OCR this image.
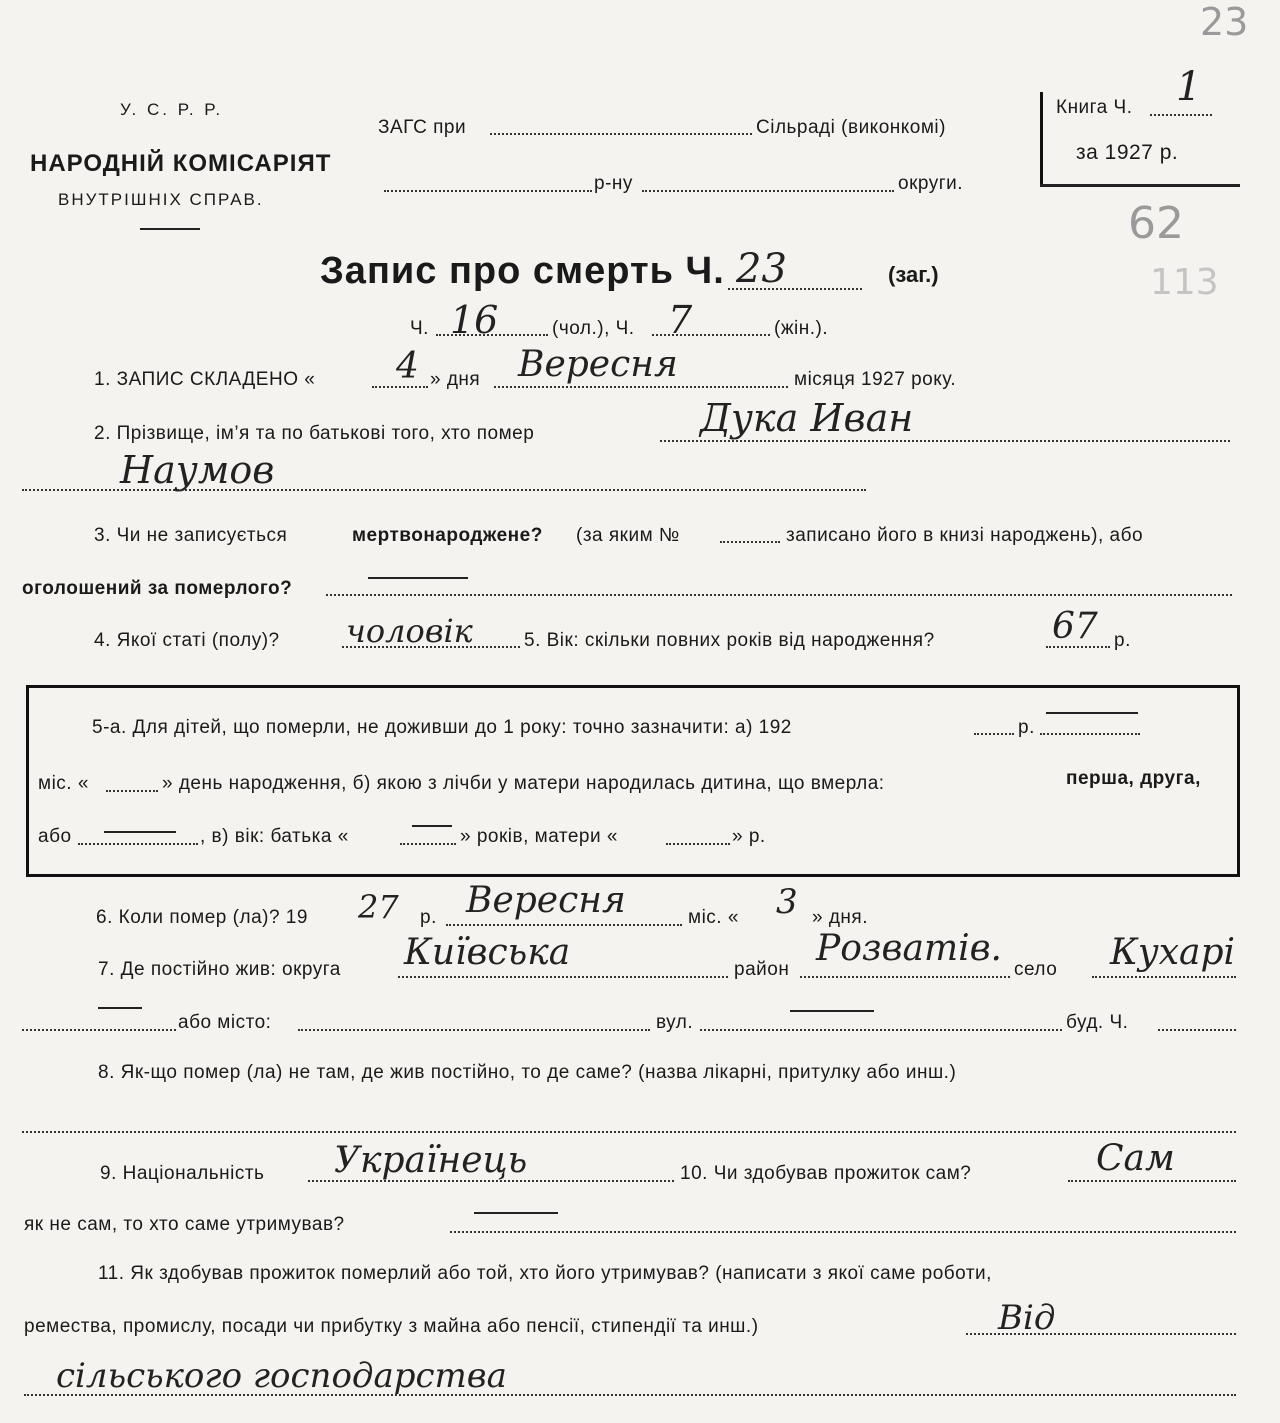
У. С. Р. Р.
НАРОДНІЙ КОМІСАРІЯТ
ВНУТРІШНІХ СПРАВ.
ЗАГС при	Сільраді (виконкомі)
р-ну	округи.
Книга Ч. 1
за 1927 р.
23
62
113
Запис про смерть Ч. 23	(заг.)
Ч. 16	(чол.), Ч. 7	(жін.).
1. ЗАПИС СКЛАДЕНО « 4 » дня Вересня	місяця 1927 року.
2. Прізвище, ім’я та по батькові того, хто помер	Дука Иван
Наумов
3. Чи не записується	мертвонароджене? (за яким №	записано його в книзі народжень), або
оголошений за померлого?
4. Якої статі (полу)? чоловік	5. Вік: скільки повних років від народження?	67 р.
5-а. Для дітей, що померли, не доживши до 1 року: точно зазначити: а) 192	р.
міс. «	» день народження, б) якою з лічби у матери народилась дитина, що вмерла:	перша, друга,
або	, в) вік: батька «	» років, матери «	» р.
6. Коли помер (ла)? 19 27 р. Вересня	міс. « 3 » дня.
7. Де постійно жив: округа Київська	район
Розватів.
село Кухарі
або місто:	вул.	буд. Ч.
8. Як-що помер (ла) не там, де жив постійно, то де саме? (назва лікарні, притулку або инш.)
9. Національність Українець	10. Чи здобував прожиток сам?	Сам
як не сам, то хто саме утримував?
11. Як здобував прожиток померлий або той, хто його утримував? (написати з якої саме роботи,
ремества, промислу, посади чи прибутку з майна або пенсії, стипендії та инш.)	Від
сільського господарства
